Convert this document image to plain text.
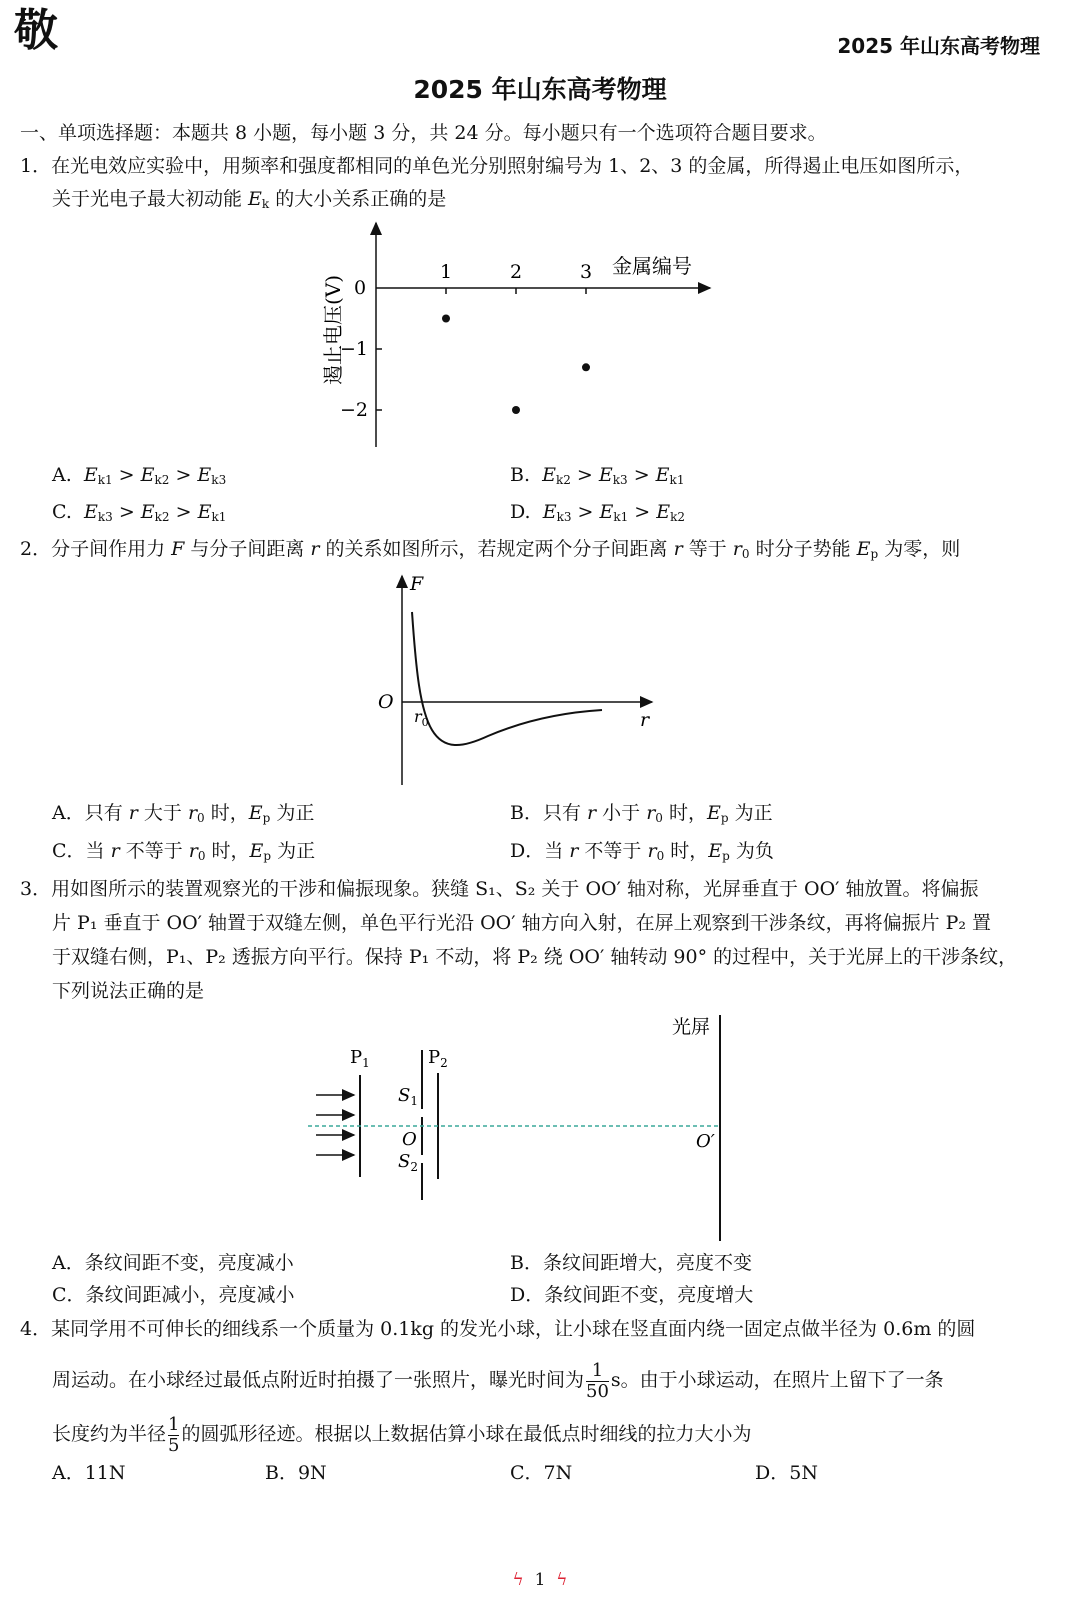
敬	2025 年山东高考物理
2025 年山东高考物理
一、单项选择题：本题共 8 小题，每小题 3 分，共 24 分。每小题只有一个选项符合题目要求。
1．在光电效应实验中，用频率和强度都相同的单色光分别照射编号为 1、2、3 的金属，所得遏止电压如图所示，
关于光电子最大初动能 $E_k$ 的大小关系正确的是
1	2	3
0
−1
−2
金属编号
遏止电压(V)
A. $E_{k1} > E_{k2} > E_{k3}$	B. $E_{k2} > E_{k3} > E_{k1}$
C. $E_{k3} > E_{k2} > E_{k1}$	D. $E_{k3} > E_{k1} > E_{k2}$
2．分子间作用力 F 与分子间距离 r 的关系如图所示，若规定两个分子间距离 r 等于 $r_0$ 时分子势能 $E_p$ 为零，则
F
O
r
$r_0$
A．只有 r 大于 $r_0$ 时，$E_p$ 为正	B．只有 r 小于 $r_0$ 时，$E_p$ 为正
C．当 r 不等于 $r_0$ 时，$E_p$ 为正	D．当 r 不等于 $r_0$ 时，$E_p$ 为负
3．用如图所示的装置观察光的干涉和偏振现象。狭缝 S₁、S₂ 关于 OO′ 轴对称，光屏垂直于 OO′ 轴放置。将偏振
片 P₁ 垂直于 OO′ 轴置于双缝左侧，单色平行光沿 OO′ 轴方向入射，在屏上观察到干涉条纹，再将偏振片 P₂ 置
于双缝右侧，P₁、P₂ 透振方向平行。保持 P₁ 不动，将 P₂ 绕 OO′ 轴转动 90° 的过程中，关于光屏上的干涉条纹，
下列说法正确的是
光屏
$P_1$	$P_2$
$S_1$
O
$S_2$
O′
A．条纹间距不变，亮度减小	B．条纹间距增大，亮度不变
C．条纹间距减小，亮度减小	D．条纹间距不变，亮度增大
4．某同学用不可伸长的细线系一个质量为 0.1kg 的发光小球，让小球在竖直面内绕一固定点做半径为 0.6m 的圆
周运动。在小球经过最低点附近时拍摄了一张照片，曝光时间为 $\frac{1}{50}$ s。由于小球运动，在照片上留下了一条
长度约为半径 $\frac{1}{5}$ 的圆弧形径迹。根据以上数据估算小球在最低点时细线的拉力大小为
A．11N	B．9N	C．7N	D．5N
ϟ 1 ϟ
